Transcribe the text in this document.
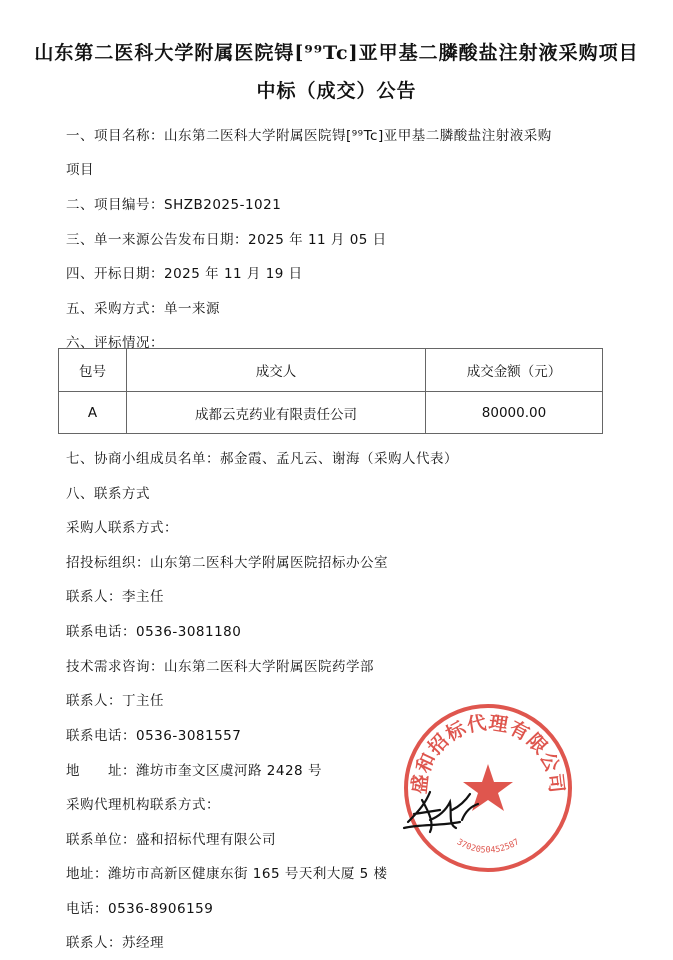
山东第二医科大学附属医院锝[⁹⁹Tc]亚甲基二膦酸盐注射液采购项目
中标（成交）公告
一、项目名称：山东第二医科大学附属医院锝[⁹⁹Tc]亚甲基二膦酸盐注射液采购
项目
二、项目编号：SHZB2025-1021
三、单一来源公告发布日期：2025 年 11 月 05 日
四、开标日期：2025 年 11 月 19 日
五、采购方式：单一来源
六、评标情况：
包号	成交人	成交金额（元）
A	成都云克药业有限责任公司	80000.00
七、协商小组成员名单：郝金霞、孟凡云、谢海（采购人代表）
八、联系方式
采购人联系方式：
招投标组织：山东第二医科大学附属医院招标办公室
联系人：李主任
联系电话：0536-3081180
技术需求咨询：山东第二医科大学附属医院药学部
联系人：丁主任
联系电话：0536-3081557
地　　址：潍坊市奎文区虞河路 2428 号
采购代理机构联系方式：
联系单位：盛和招标代理有限公司
地址：潍坊市高新区健康东街 165 号天利大厦 5 楼
电话：0536-8906159
联系人：苏经理
盛和招标代理有限公司
3702050452587
